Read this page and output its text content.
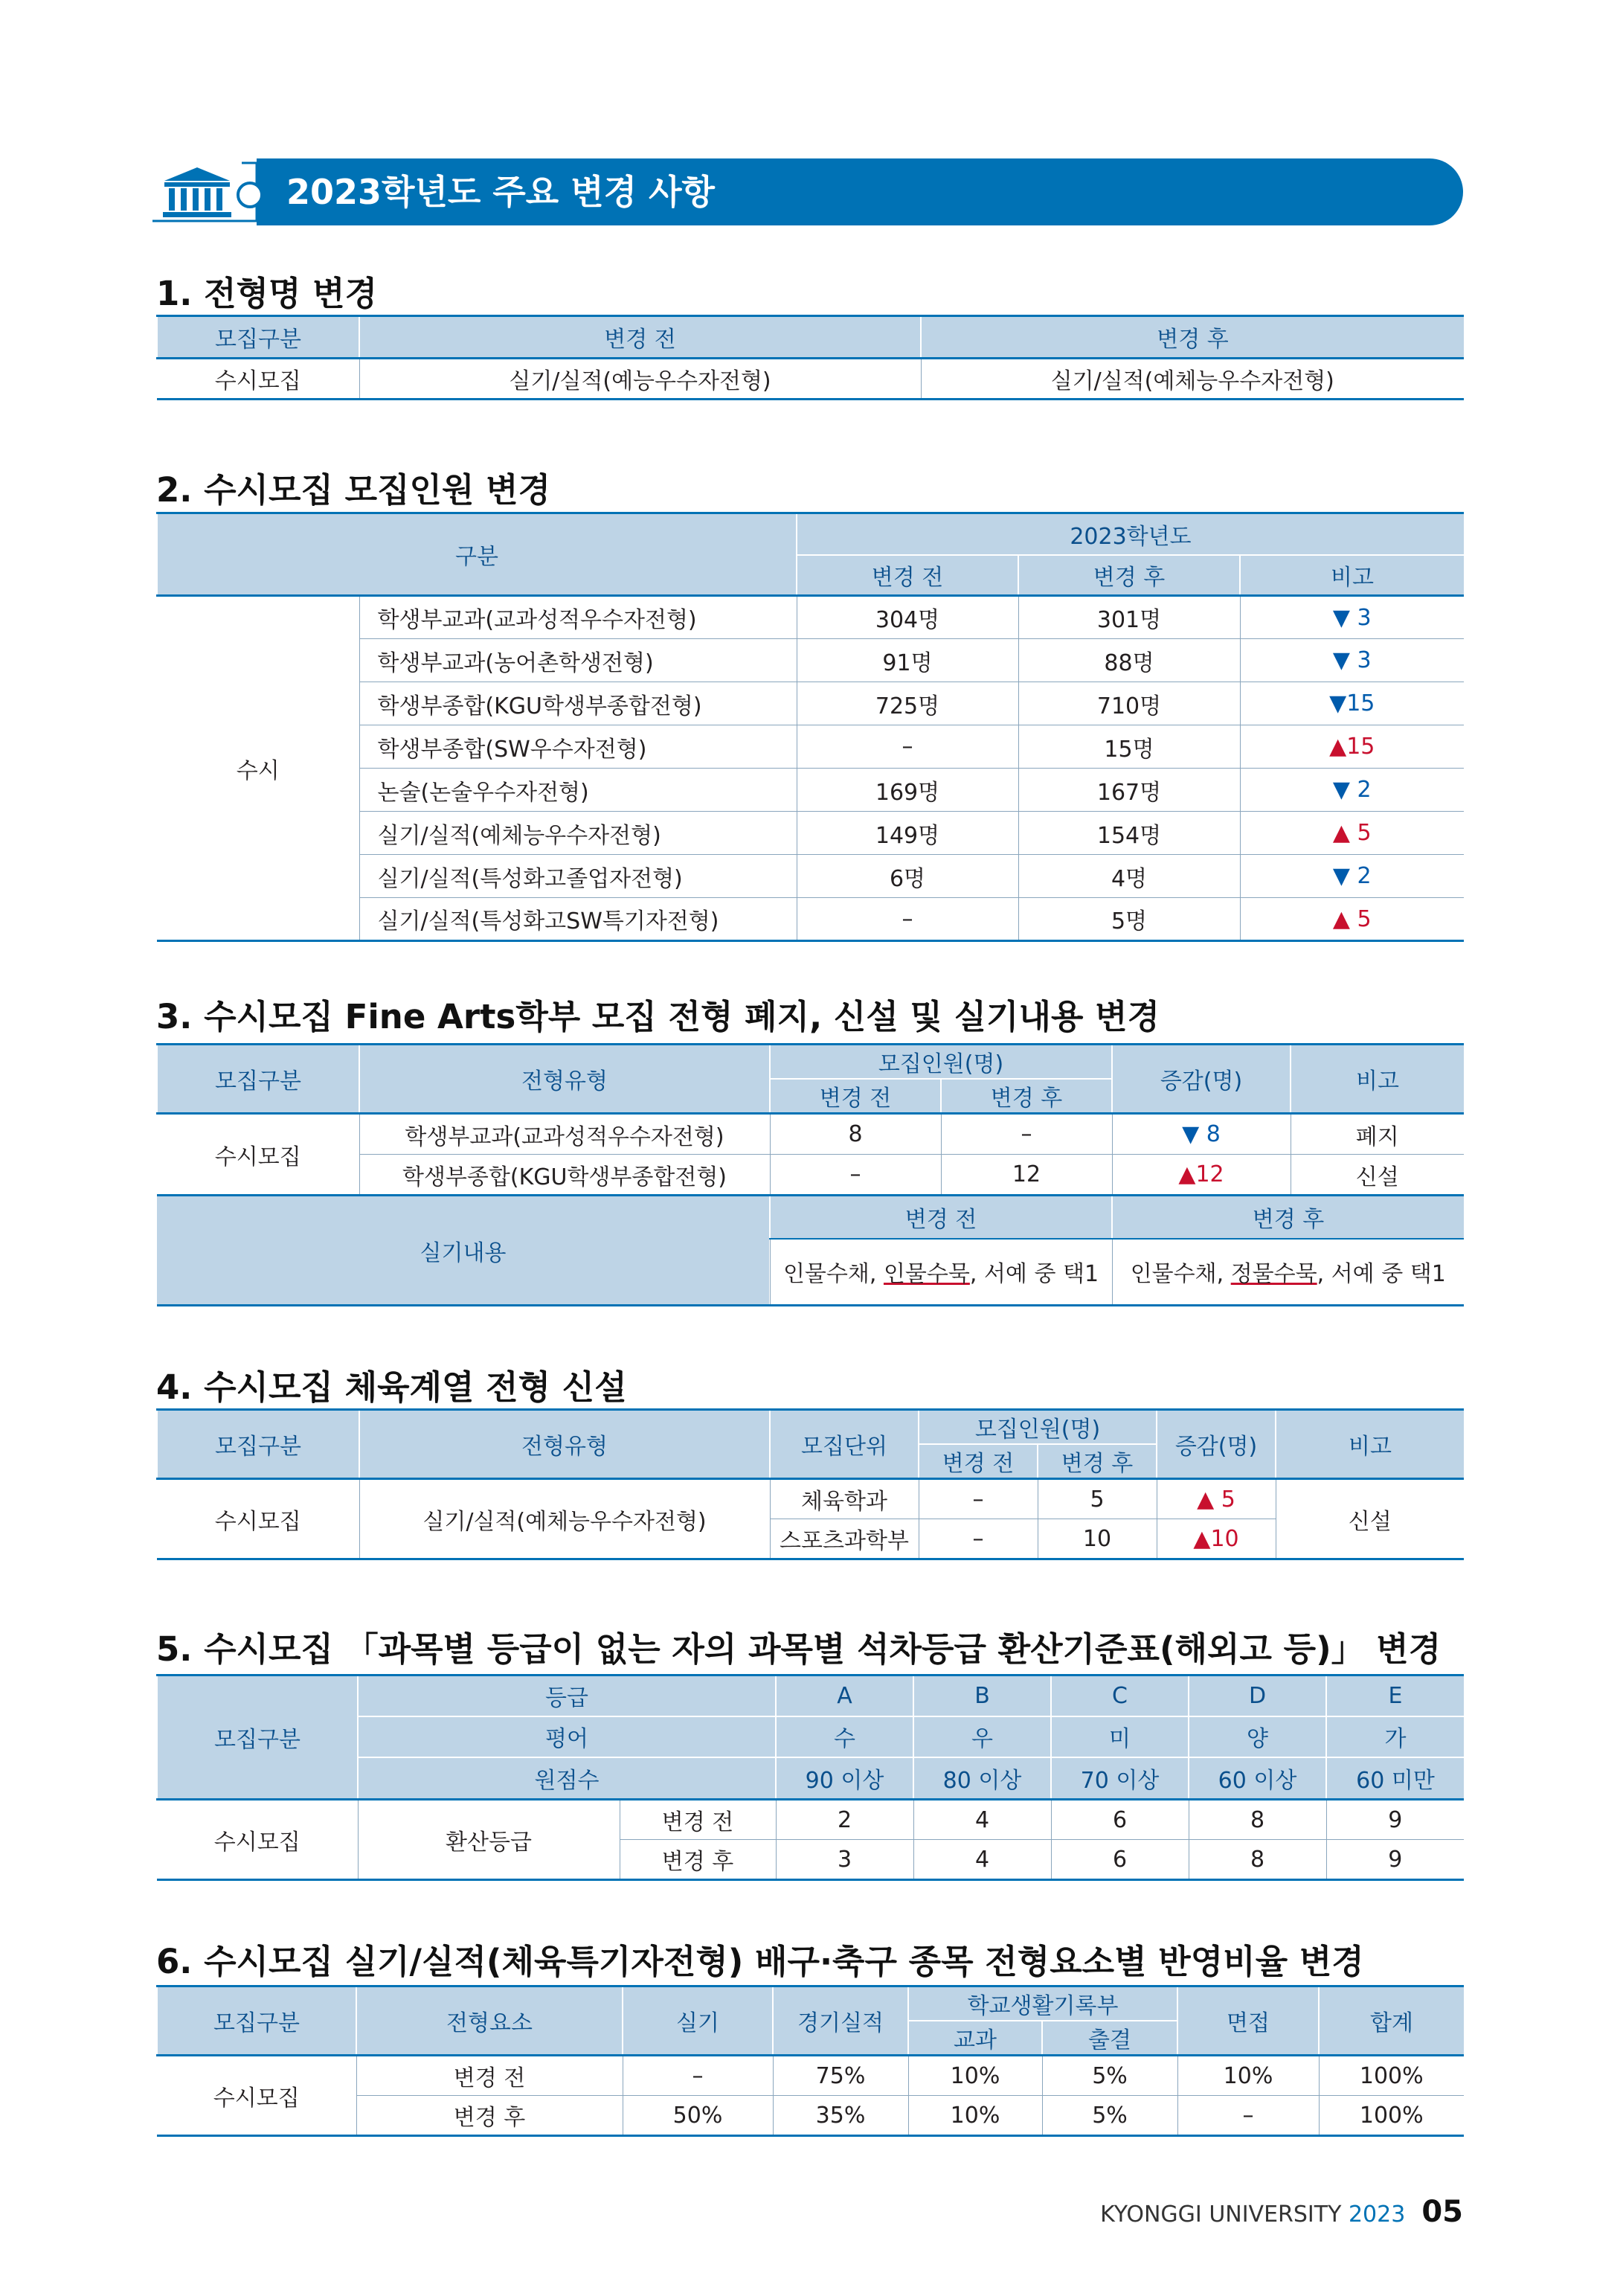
2023학년도 주요 변경 사항
1. 전형명 변경
모집구분	변경 전	변경 후
수시모집	실기/실적(예능우수자전형)	실기/실적(예체능우수자전형)
2. 수시모집 모집인원 변경
구분		2023학년도		
		변경 전	변경 후	비고
수시	학생부교과(교과성적우수자전형)	304명	301명	▼ 3
	학생부교과(농어촌학생전형)	91명	88명	▼ 3
	학생부종합(KGU학생부종합전형)	725명	710명	▼15
	학생부종합(SW우수자전형)	–	15명	▲15
	논술(논술우수자전형)	169명	167명	▼ 2
	실기/실적(예체능우수자전형)	149명	154명	▲ 5
	실기/실적(특성화고졸업자전형)	6명	4명	▼ 2
	실기/실적(특성화고SW특기자전형)	–	5명	▲ 5
3. 수시모집 Fine Arts학부 모집 전형 폐지, 신설 및 실기내용 변경
모집구분	전형유형	모집인원(명)		증감(명)	비고
		변경 전	변경 후		
수시모집	학생부교과(교과성적우수자전형)	8	–	▼ 8	폐지
	학생부종합(KGU학생부종합전형)	–	12	▲12	신설
실기내용		변경 전		변경 후	
		인물수채, 인물수묵, 서예 중 택1		인물수채, 정물수묵, 서예 중 택1	
4. 수시모집 체육계열 전형 신설
모집구분	전형유형	모집단위	모집인원(명)		증감(명)	비고
			변경 전	변경 후		
수시모집	실기/실적(예체능우수자전형)	체육학과	–	5	▲ 5	신설
		스포츠과학부	–	10	▲10	
5. 수시모집 「과목별 등급이 없는 자의 과목별 석차등급 환산기준표(해외고 등)」 변경
모집구분	등급		A	B	C	D	E
	평어		수	우	미	양	가
	원점수		90 이상	80 이상	70 이상	60 이상	60 미만
수시모집	환산등급	변경 전	2	4	6	8	9
		변경 후	3	4	6	8	9
6. 수시모집 실기/실적(체육특기자전형) 배구·축구 종목 전형요소별 반영비율 변경
모집구분	전형요소	실기	경기실적	학교생활기록부		면접	합계
				교과	출결		
수시모집	변경 전	–	75%	10%	5%	10%	100%
	변경 후	50%	35%	10%	5%	–	100%
KYONGGI UNIVERSITY 2023 05
